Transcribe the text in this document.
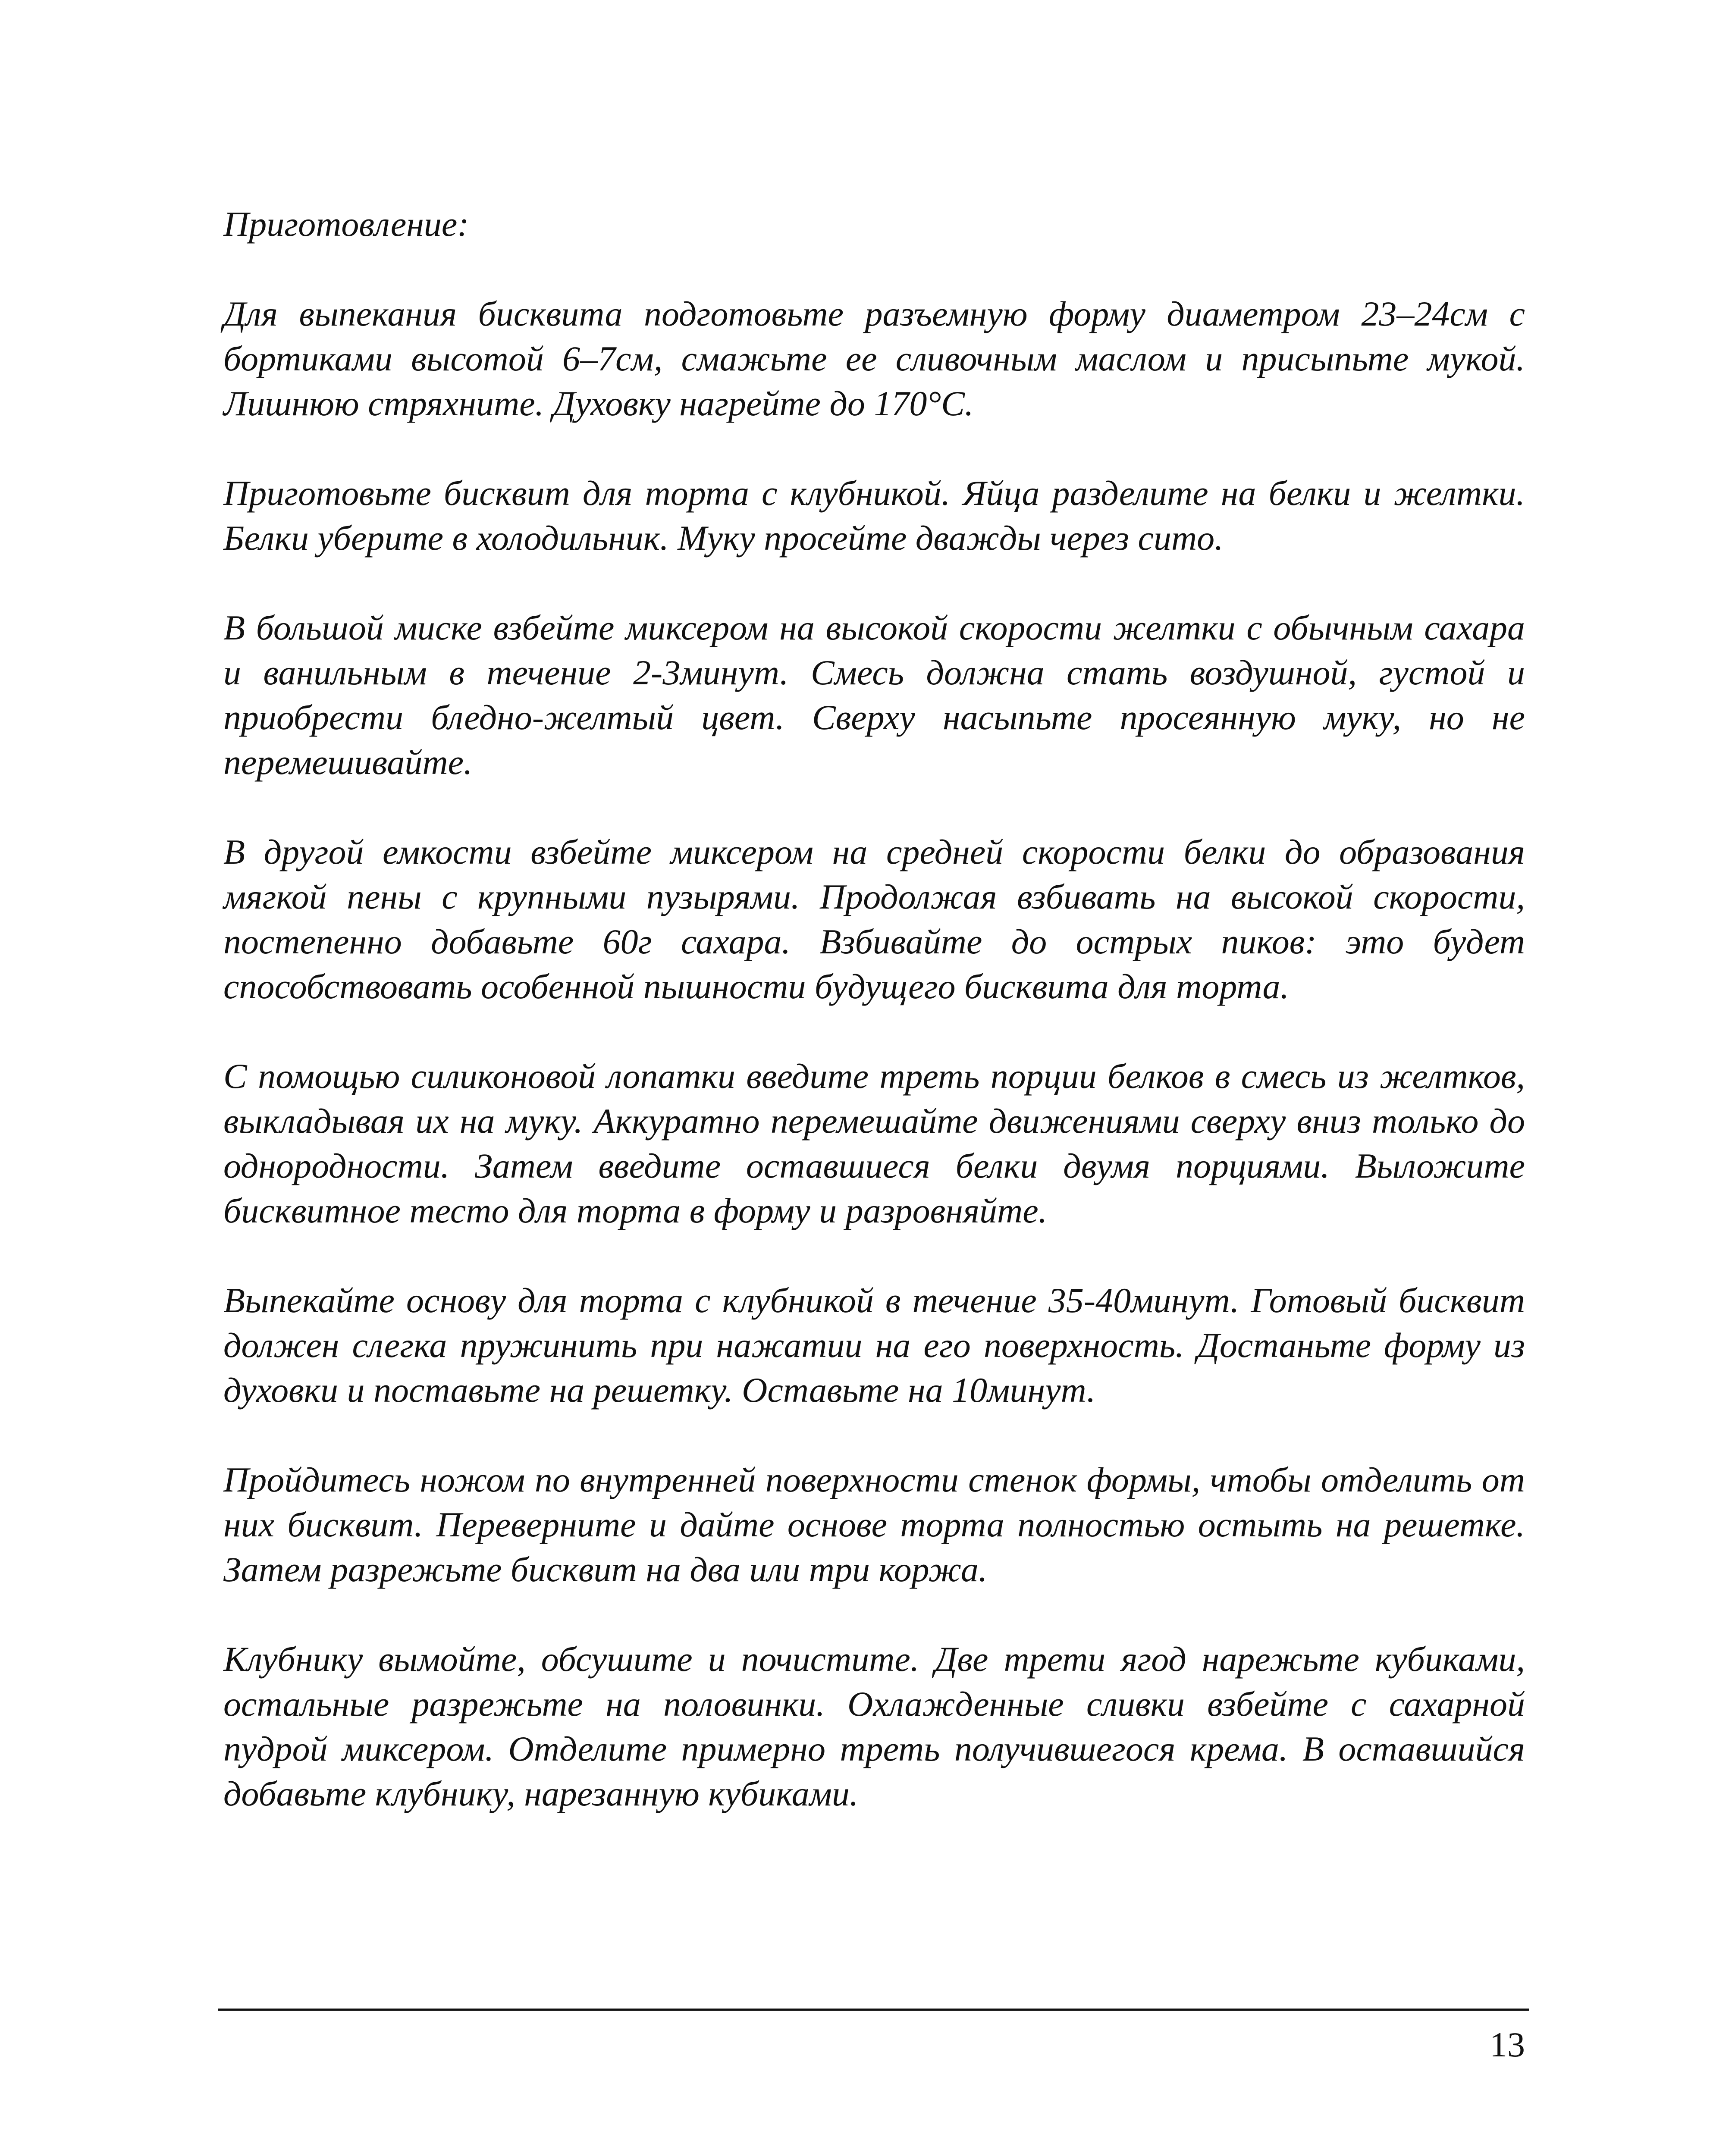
Приготовление:

Для выпекания бисквита подготовьте разъемную форму диаметром 23–24см с бортиками высотой 6–7см, смажьте ее сливочным маслом и присыпьте мукой. Лишнюю стряхните. Духовку нагрейте до 170°С.

Приготовьте бисквит для торта с клубникой. Яйца разделите на белки и желтки. Белки уберите в холодильник. Муку просейте дважды через сито.

В большой миске взбейте миксером на высокой скорости желтки с обычным сахара и ванильным в течение 2-3минут. Смесь должна стать воздушной, густой и приобрести бледно-желтый цвет. Сверху насыпьте просеянную муку, но не перемешивайте.

В другой емкости взбейте миксером на средней скорости белки до образования мягкой пены с крупными пузырями. Продолжая взбивать на высокой скорости, постепенно добавьте 60г сахара. Взбивайте до острых пиков: это будет способствовать особенной пышности будущего бисквита для торта.

С помощью силиконовой лопатки введите треть порции белков в смесь из желтков, выкладывая их на муку. Аккуратно перемешайте движениями сверху вниз только до однородности. Затем введите оставшиеся белки двумя порциями. Выложите бисквитное тесто для торта в форму и разровняйте.

Выпекайте основу для торта с клубникой в течение 35-40минут. Готовый бисквит должен слегка пружинить при нажатии на его поверхность. Достаньте форму из духовки и поставьте на решетку. Оставьте на 10минут.

Пройдитесь ножом по внутренней поверхности стенок формы, чтобы отделить от них бисквит. Переверните и дайте основе торта полностью остыть на решетке. Затем разрежьте бисквит на два или три коржа.

Клубнику вымойте, обсушите и почистите. Две трети ягод нарежьте кубиками, остальные разрежьте на половинки. Охлажденные сливки взбейте с сахарной пудрой миксером. Отделите примерно треть получившегося крема. В оставшийся добавьте клубнику, нарезанную кубиками.

13
